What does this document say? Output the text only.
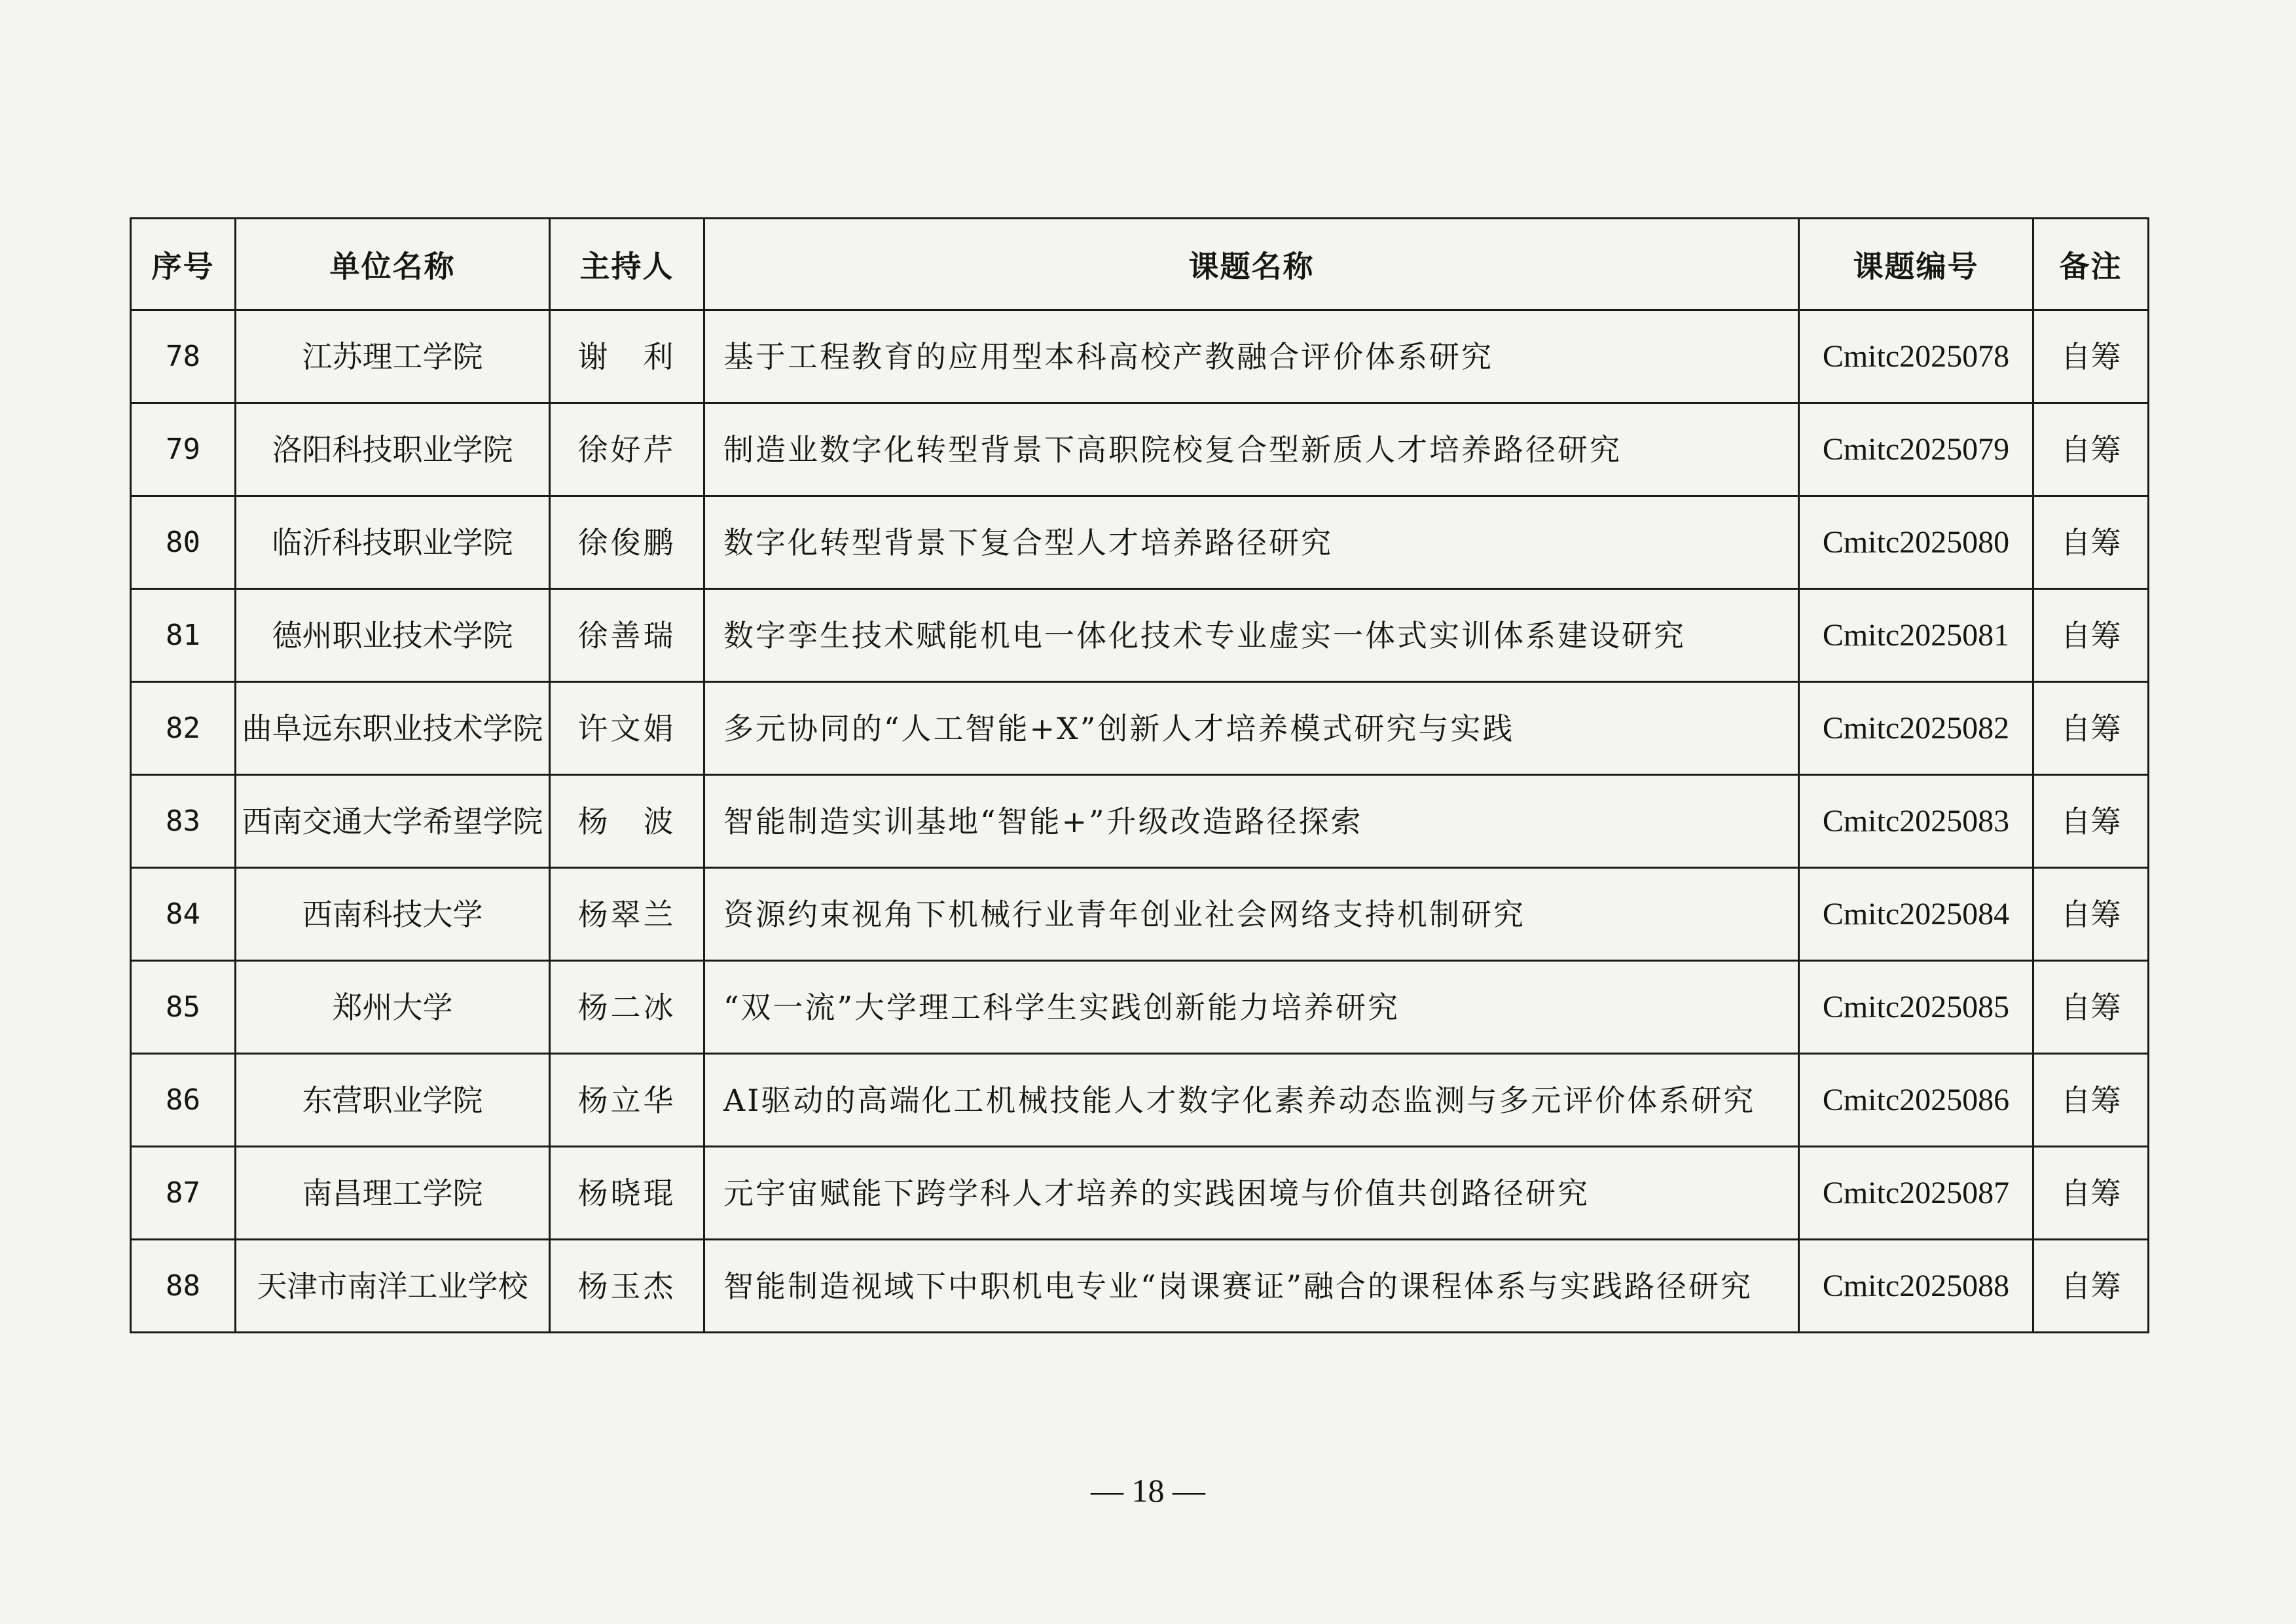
序号	单位名称	主持人	课题名称	课题编号	备注
78	江苏理工学院	谢　利	基于工程教育的应用型本科高校产教融合评价体系研究	Cmitc2025078	自筹
79	洛阳科技职业学院	徐好芹	制造业数字化转型背景下高职院校复合型新质人才培养路径研究	Cmitc2025079	自筹
80	临沂科技职业学院	徐俊鹏	数字化转型背景下复合型人才培养路径研究	Cmitc2025080	自筹
81	德州职业技术学院	徐善瑞	数字孪生技术赋能机电一体化技术专业虚实一体式实训体系建设研究	Cmitc2025081	自筹
82	曲阜远东职业技术学院	许文娟	多元协同的“人工智能+X”创新人才培养模式研究与实践	Cmitc2025082	自筹
83	西南交通大学希望学院	杨　波	智能制造实训基地“智能+”升级改造路径探索	Cmitc2025083	自筹
84	西南科技大学	杨翠兰	资源约束视角下机械行业青年创业社会网络支持机制研究	Cmitc2025084	自筹
85	郑州大学	杨二冰	“双一流”大学理工科学生实践创新能力培养研究	Cmitc2025085	自筹
86	东营职业学院	杨立华	AI驱动的高端化工机械技能人才数字化素养动态监测与多元评价体系研究	Cmitc2025086	自筹
87	南昌理工学院	杨晓琨	元宇宙赋能下跨学科人才培养的实践困境与价值共创路径研究	Cmitc2025087	自筹
88	天津市南洋工业学校	杨玉杰	智能制造视域下中职机电专业“岗课赛证”融合的课程体系与实践路径研究	Cmitc2025088	自筹
— 18 —
